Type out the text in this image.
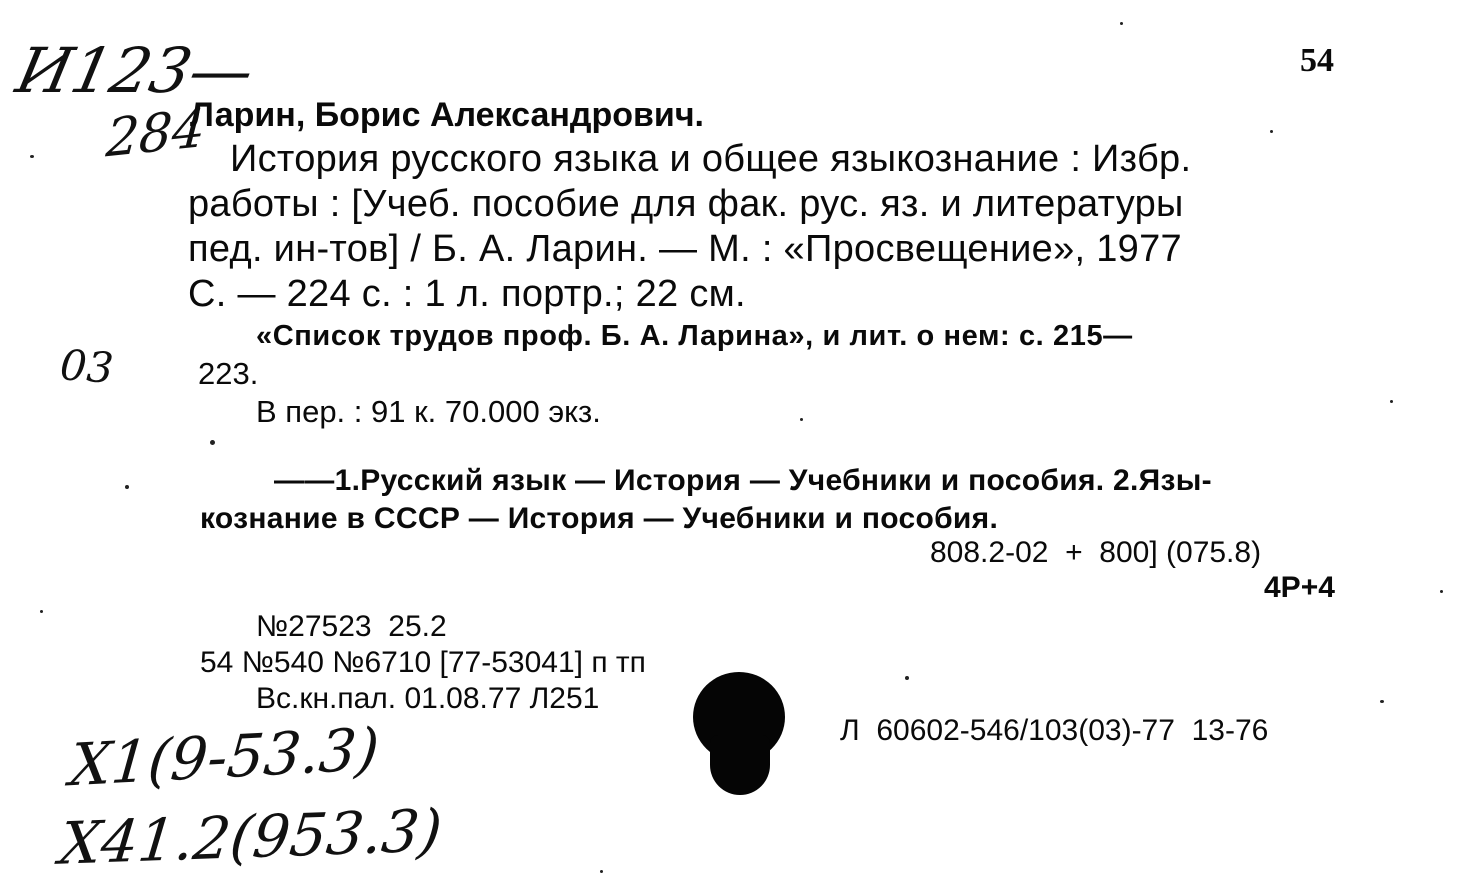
И123—
284
54
Ларин, Борис Александрович.
История русского языка и общее языкознание : Избр.
работы : [Учеб. пособие для фак. рус. яз. и литературы
пед. ин-тов] / Б. А. Ларин. — М. : «Просвещение», 1977
С. — 224 с. : 1 л. портр.; 22 см.
03
«Список трудов проф. Б. А. Ларина», и лит. о нем: с. 215—
223.
В пер. : 91 к. 70.000 экз.
——1.Русский язык — История — Учебники и пособия. 2.Язы-
кознание в СССР — История — Учебники и пособия.
808.2-02  +  800] (075.8)
4Р+4
№27523  25.2
54 №540 №6710 [77-53041] п тп
Вс.кн.пал. 01.08.77 Л251
Л  60602-546/103(03)-77  13-76
Х1(9-53.3)
Х41.2(953.3)
